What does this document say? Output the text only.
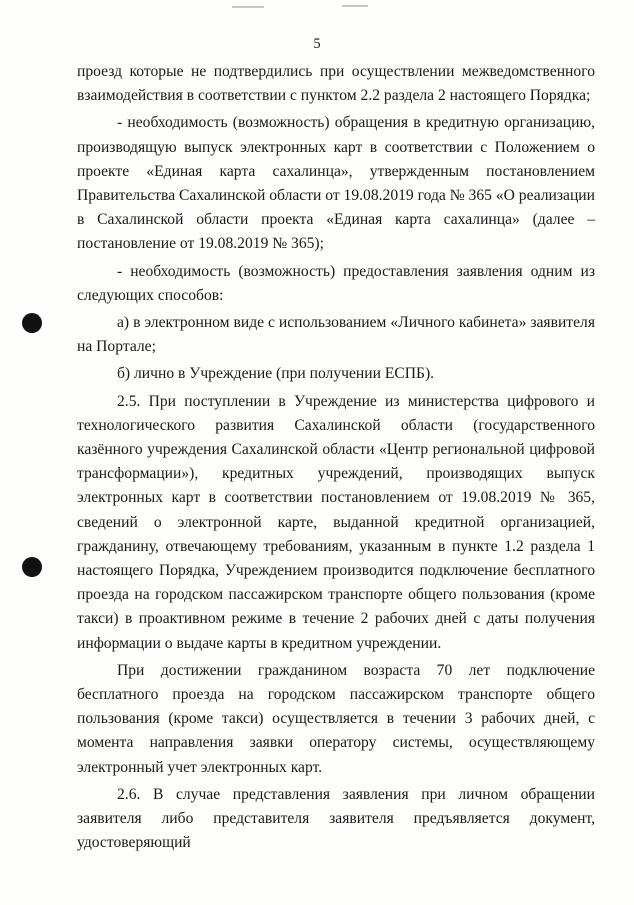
5

проезд которые не подтвердились при осуществлении межведомственного взаимодействия в соответствии с пунктом 2.2 раздела 2 настоящего Порядка;

- необходимость (возможность) обращения в кредитную организацию, производящую выпуск электронных карт в соответствии с Положением о проекте «Единая карта сахалинца», утвержденным постановлением Правительства Сахалинской области от 19.08.2019 года № 365 «О реализации в Сахалинской области проекта «Единая карта сахалинца» (далее – постановление от 19.08.2019 № 365);

- необходимость (возможность) предоставления заявления одним из следующих способов:

а) в электронном виде с использованием «Личного кабинета» заявителя на Портале;

б) лично в Учреждение (при получении ЕСПБ).

2.5. При поступлении в Учреждение из министерства цифрового и технологического развития Сахалинской области (государственного казённого учреждения Сахалинской области «Центр региональной цифровой трансформации»), кредитных учреждений, производящих выпуск электронных карт в соответствии постановлением от 19.08.2019 № 365, сведений о электронной карте, выданной кредитной организацией, гражданину, отвечающему требованиям, указанным в пункте 1.2 раздела 1 настоящего Порядка, Учреждением производится подключение бесплатного проезда на городском пассажирском транспорте общего пользования (кроме такси) в проактивном режиме в течение 2 рабочих дней с даты получения информации о выдаче карты в кредитном учреждении.

При достижении гражданином возраста 70 лет подключение бесплатного проезда на городском пассажирском транспорте общего пользования (кроме такси) осуществляется в течении 3 рабочих дней, с момента направления заявки оператору системы, осуществляющему электронный учет электронных карт.

2.6. В случае представления заявления при личном обращении заявителя либо представителя заявителя предъявляется документ, удостоверяющий
